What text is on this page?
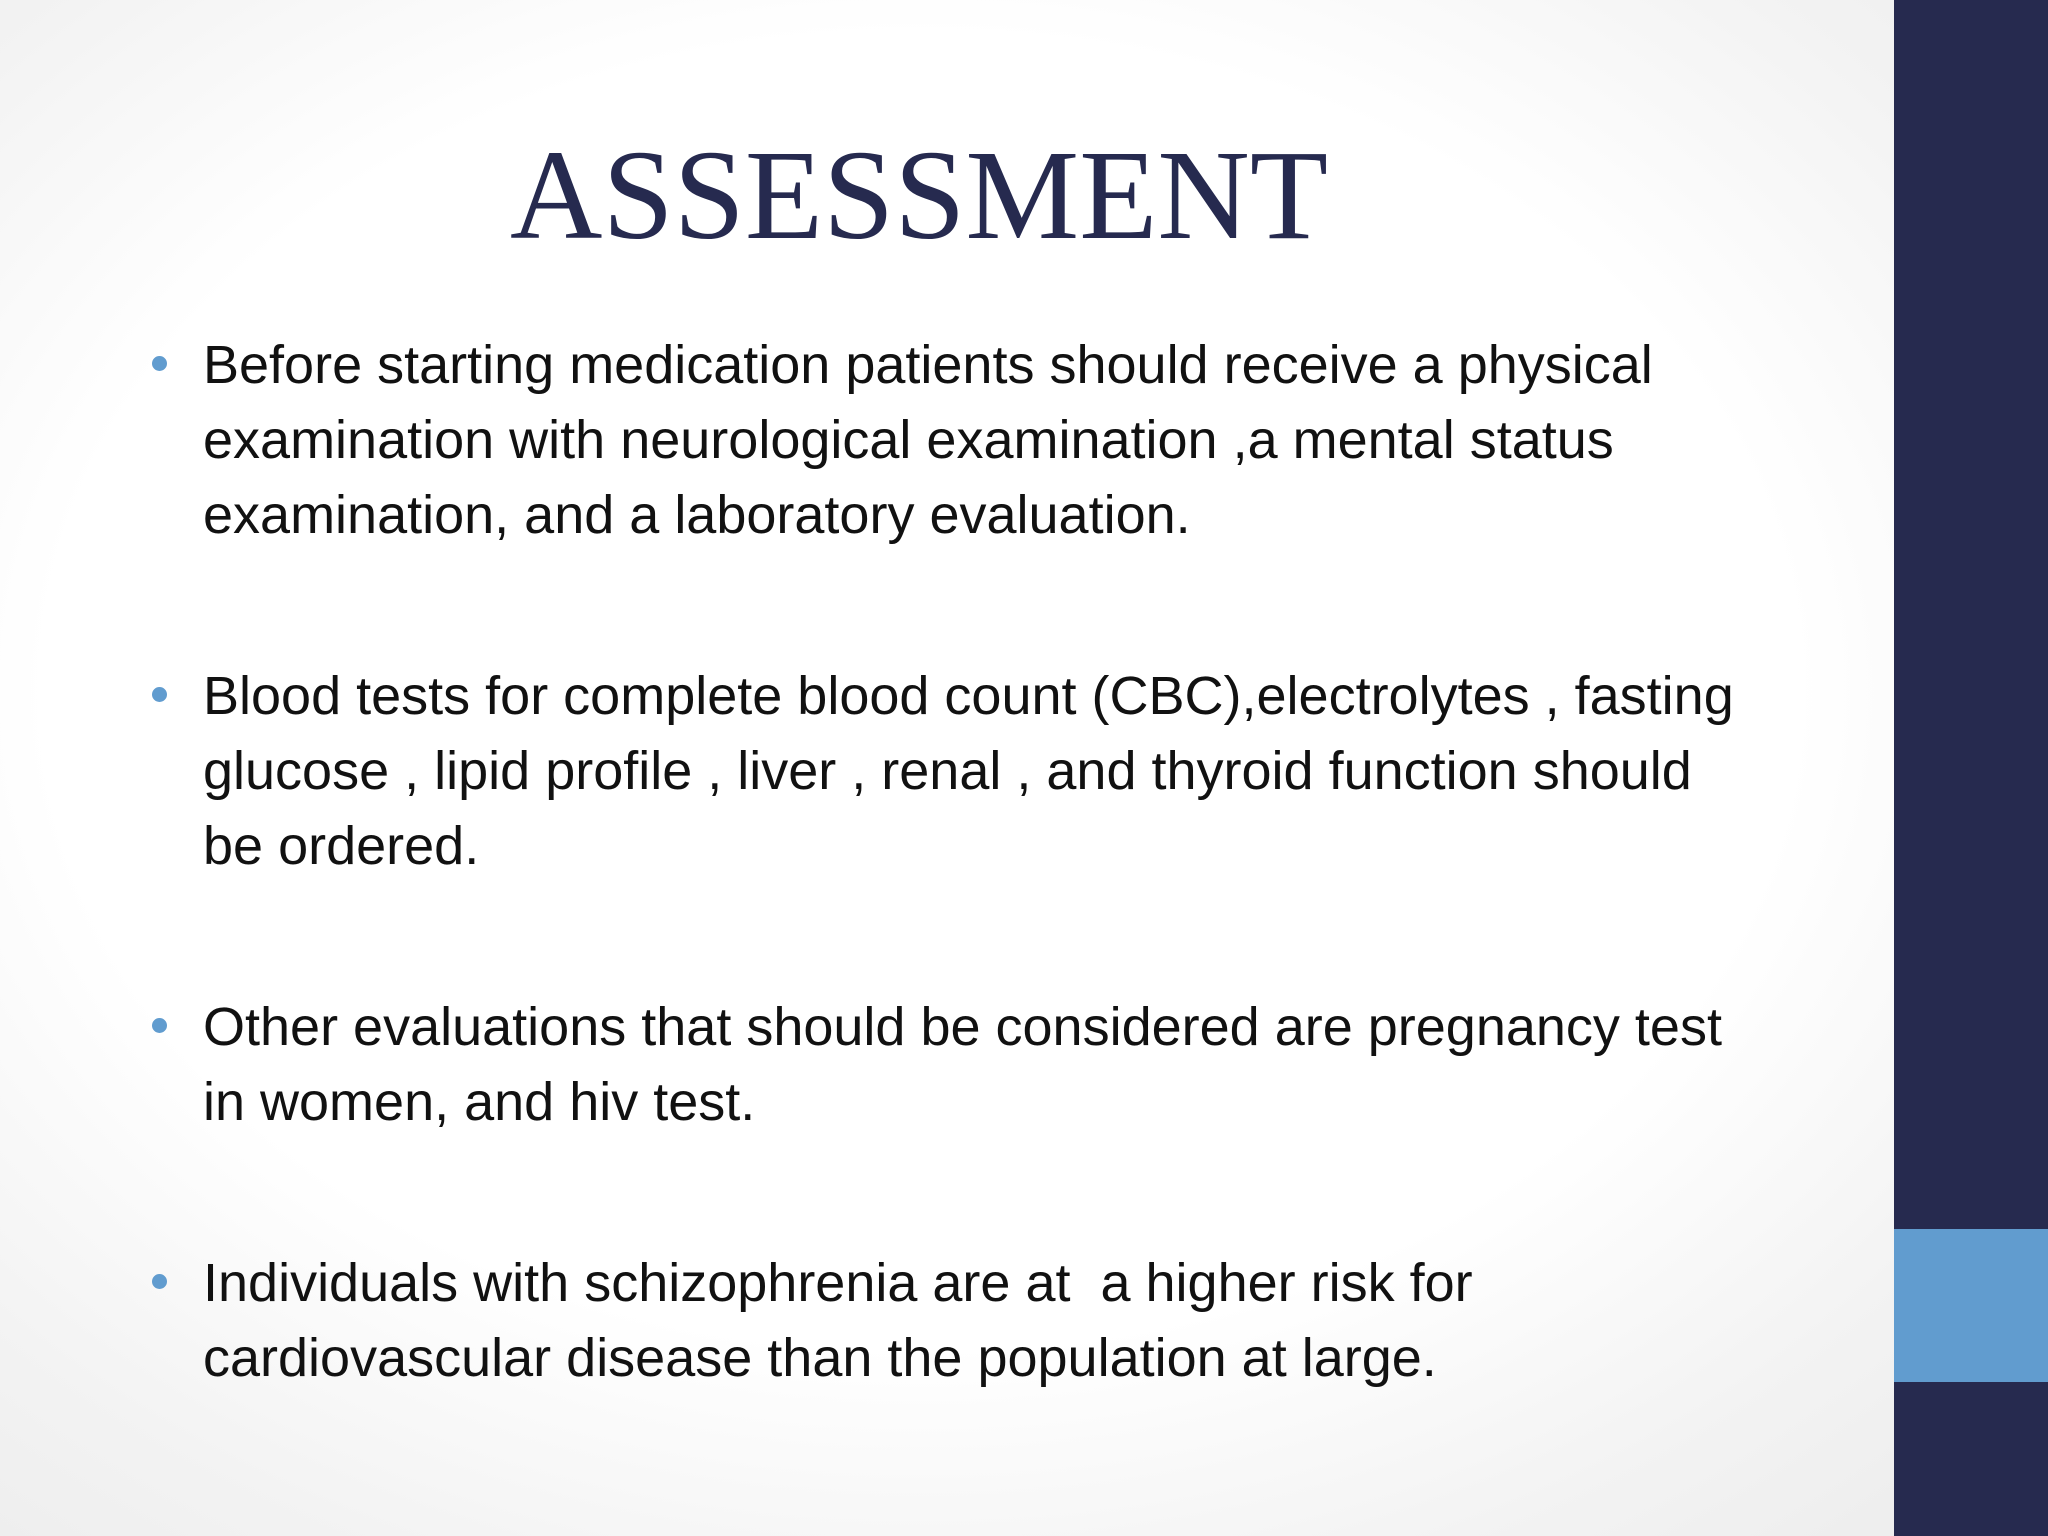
ASSESSMENT
Before starting medication patients should receive a physical examination with neurological examination ,a mental status examination, and a laboratory evaluation.
Blood tests for complete blood count (CBC),electrolytes , fasting glucose , lipid profile , liver , renal , and thyroid function should be ordered.
Other evaluations that should be considered are pregnancy test in women, and hiv test.
Individuals with schizophrenia are at  a higher risk for cardiovascular disease than the population at large.
